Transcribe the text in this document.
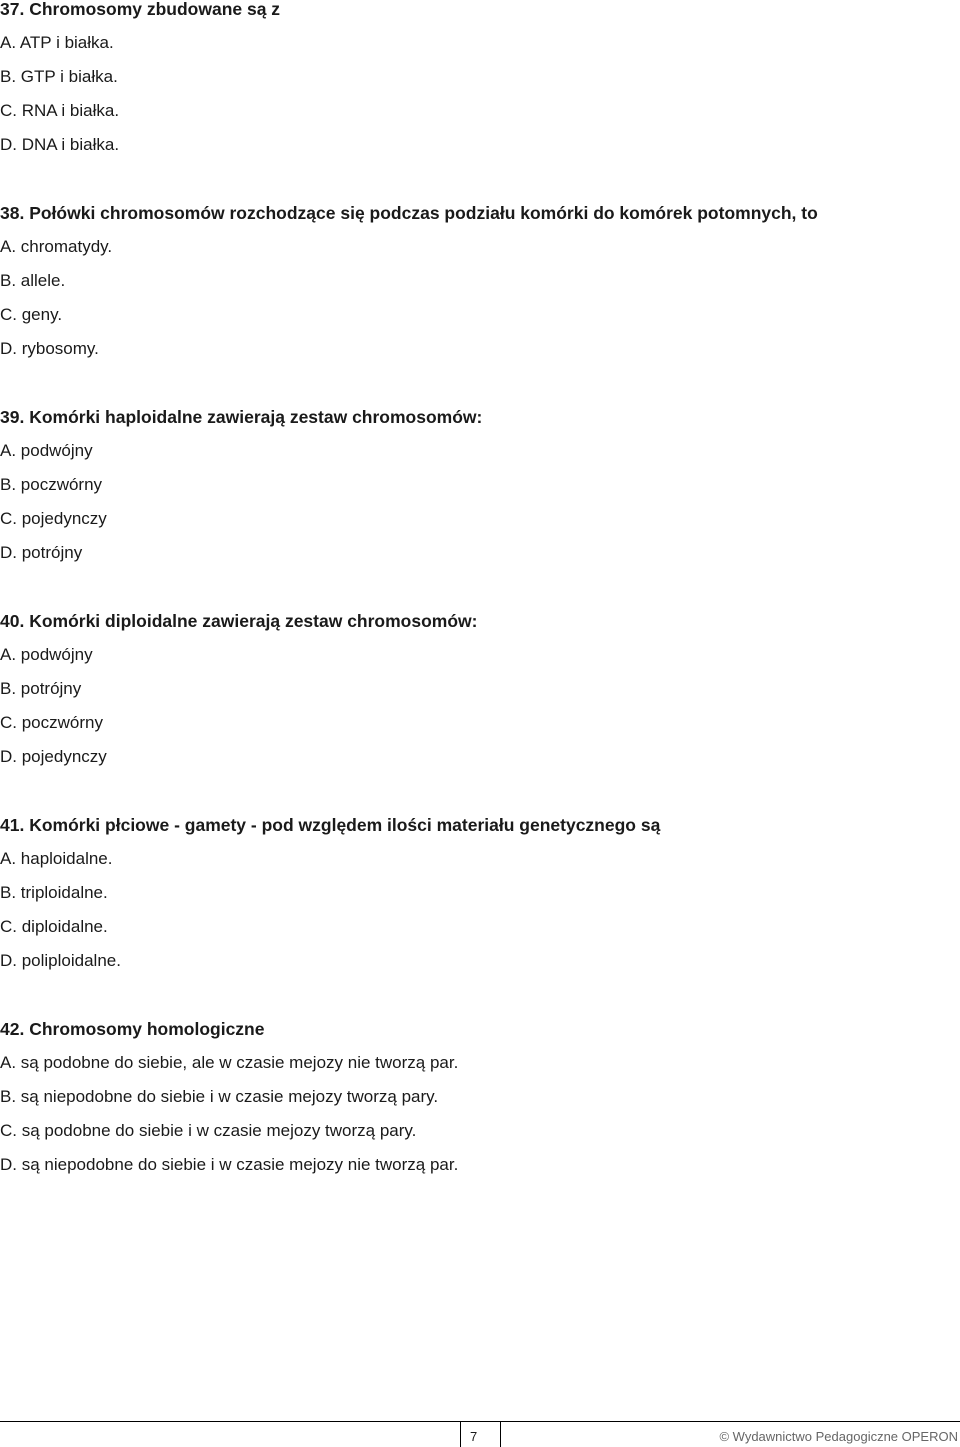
37. Chromosomy zbudowane są z
A. ATP i białka.
B. GTP i białka.
C. RNA i białka.
D. DNA i białka.
38. Połówki chromosomów rozchodzące się podczas podziału komórki do komórek potomnych, to
A. chromatydy.
B. allele.
C. geny.
D. rybosomy.
39. Komórki haploidalne zawierają zestaw chromosomów:
A. podwójny
B. poczwórny
C. pojedynczy
D. potrójny
40. Komórki diploidalne zawierają zestaw chromosomów:
A. podwójny
B. potrójny
C. poczwórny
D. pojedynczy
41. Komórki płciowe - gamety - pod względem ilości materiału genetycznego są
A. haploidalne.
B. triploidalne.
C. diploidalne.
D. poliploidalne.
42. Chromosomy homologiczne
A. są podobne do siebie, ale w czasie mejozy nie tworzą par.
B. są niepodobne do siebie i w czasie mejozy tworzą pary.
C. są podobne do siebie i w czasie mejozy tworzą pary.
D. są niepodobne do siebie i w czasie mejozy nie tworzą par.
7	© Wydawnictwo Pedagogiczne OPERON
